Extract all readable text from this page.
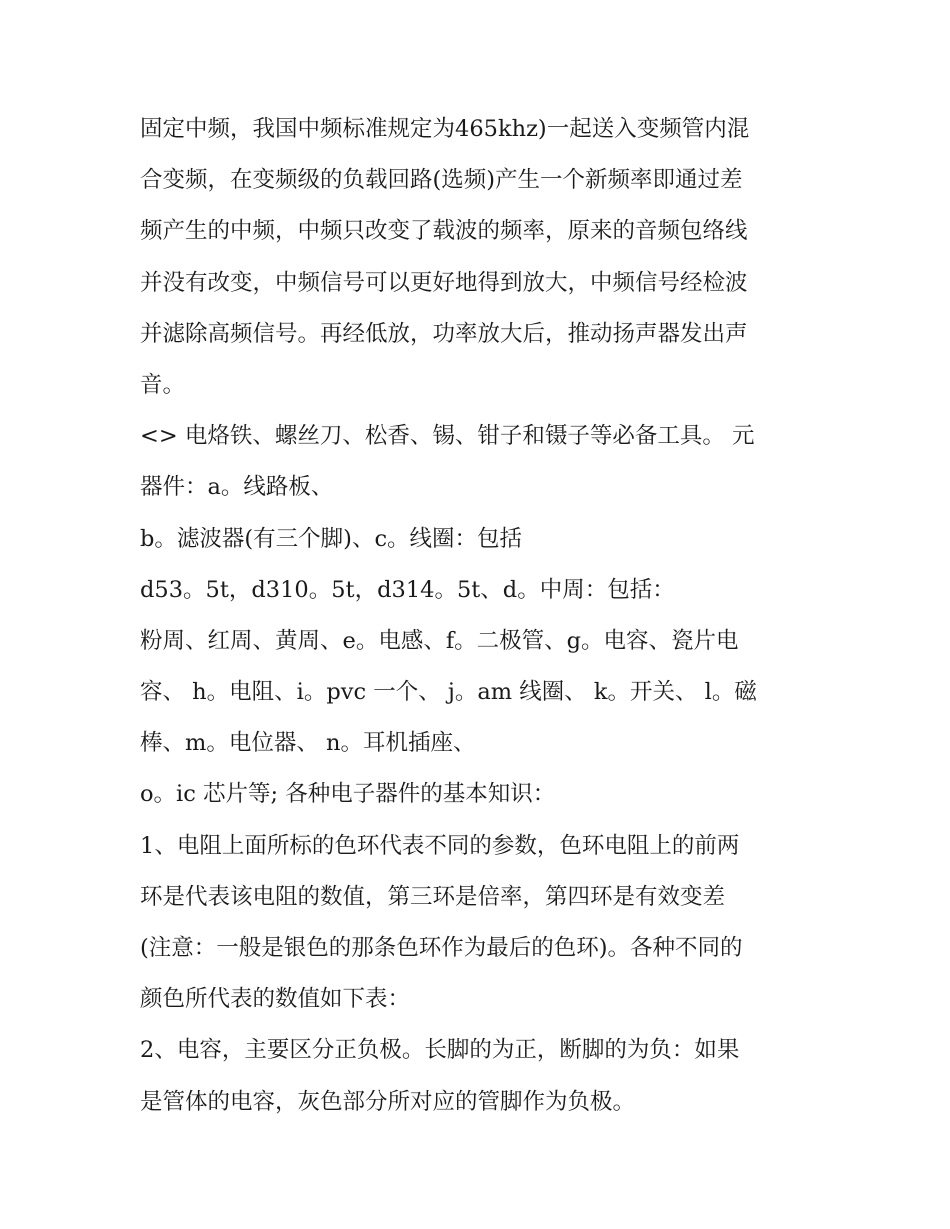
固定中频，我国中频标准规定为465khz)一起送入变频管内混
合变频，在变频级的负载回路(选频)产生一个新频率即通过差
频产生的中频，中频只改变了载波的频率，原来的音频包络线
并没有改变，中频信号可以更好地得到放大，中频信号经检波
并滤除高频信号。再经低放，功率放大后，推动扬声器发出声
音。
<> 电烙铁、螺丝刀、松香、锡、钳子和镊子等必备工具。 元
器件：a。线路板、
b。滤波器(有三个脚)、c。线圈：包括
d53。5t，d310。5t，d314。5t、d。中周：包括：
粉周、红周、黄周、e。电感、f。二极管、g。电容、瓷片电
容、 h。电阻、i。pvc 一个、 j。am 线圈、 k。开关、 l。磁
棒、m。电位器、 n。耳机插座、
o。ic 芯片等; 各种电子器件的基本知识：
1、电阻上面所标的色环代表不同的参数，色环电阻上的前两
环是代表该电阻的数值，第三环是倍率，第四环是有效变差
(注意：一般是银色的那条色环作为最后的色环)。各种不同的
颜色所代表的数值如下表：
2、电容，主要区分正负极。长脚的为正，断脚的为负：如果
是管体的电容，灰色部分所对应的管脚作为负极。
